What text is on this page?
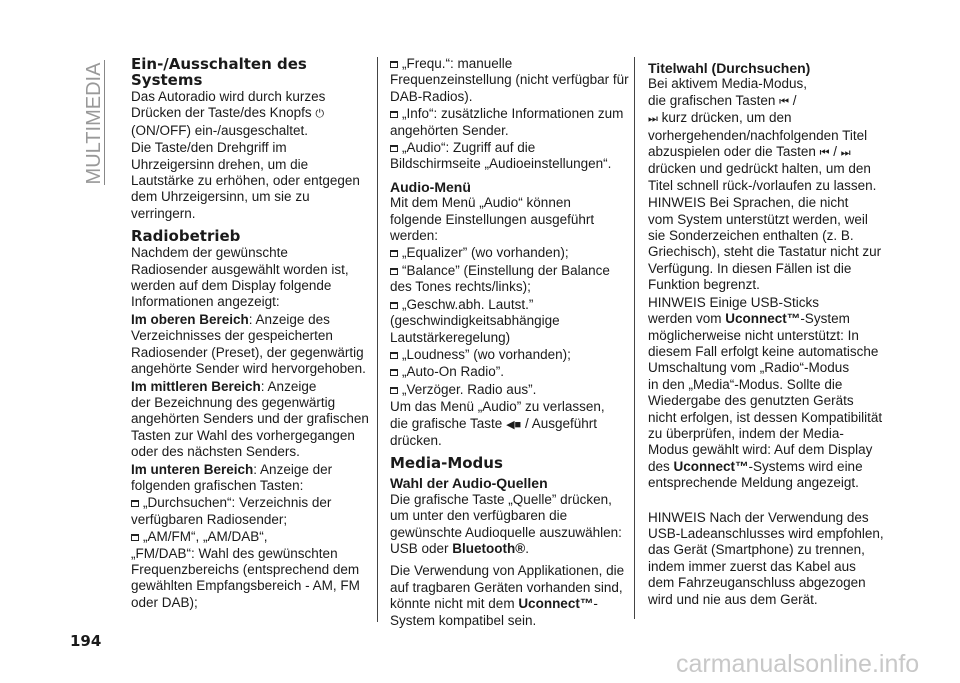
MULTIMEDIA Ein-/Ausschalten des
Systems
Das Autoradio wird durch kurzes
Drücken der Taste/des Knopfs ⏻
(ON/OFF) ein-/ausgeschaltet.
Die Taste/den Drehgriff im
Uhrzeigersinn drehen, um die
Lautstärke zu erhöhen, oder entgegen
dem Uhrzeigersinn, um sie zu
verringern.
Radiobetrieb
Nachdem der gewünschte
Radiosender ausgewählt worden ist,
werden auf dem Display folgende
Informationen angezeigt:
Im oberen Bereich: Anzeige des
Verzeichnisses der gespeicherten
Radiosender (Preset), der gegenwärtig
angehörte Sender wird hervorgehoben.
Im mittleren Bereich: Anzeige
der Bezeichnung des gegenwärtig
angehörten Senders und der grafischen
Tasten zur Wahl des vorhergegangen
oder des nächsten Senders.
Im unteren Bereich: Anzeige der
folgenden grafischen Tasten:
„Durchsuchen“: Verzeichnis der
verfügbaren Radiosender;
„AM/FM“, „AM/DAB“,
„FM/DAB“: Wahl des gewünschten
Frequenzbereichs (entsprechend dem
gewählten Empfangsbereich - AM, FM
oder DAB);
„Frequ.“: manuelle
Frequenzeinstellung (nicht verfügbar für
DAB-Radios).
„Info“: zusätzliche Informationen zum
angehörten Sender.
„Audio“: Zugriff auf die
Bildschirmseite „Audioeinstellungen“.
Audio-Menü
Mit dem Menü „Audio“ können
folgende Einstellungen ausgeführt
werden:
„Equalizer” (wo vorhanden);
“Balance” (Einstellung der Balance
des Tones rechts/links);
„Geschw.abh. Lautst.”
(geschwindigkeitsabhängige
Lautstärkeregelung)
„Loudness” (wo vorhanden);
„Auto-On Radio”.
„Verzöger. Radio aus”.
Um das Menü „Audio” zu verlassen,
die grafische Taste ◀■ / Ausgeführt
drücken.
Media-Modus
Wahl der Audio-Quellen
Die grafische Taste „Quelle” drücken,
um unter den verfügbaren die
gewünschte Audioquelle auszuwählen:
USB oder Bluetooth®.
Die Verwendung von Applikationen, die
auf tragbaren Geräten vorhanden sind,
könnte nicht mit dem Uconnect™-
System kompatibel sein.
Titelwahl (Durchsuchen)
Bei aktivem Media-Modus,
die grafischen Tasten ⏮ /
⏭ kurz drücken, um den
vorhergehenden/nachfolgenden Titel
abzuspielen oder die Tasten ⏮ / ⏭
drücken und gedrückt halten, um den
Titel schnell rück-/vorlaufen zu lassen.
HINWEIS Bei Sprachen, die nicht
vom System unterstützt werden, weil
sie Sonderzeichen enthalten (z. B.
Griechisch), steht die Tastatur nicht zur
Verfügung. In diesen Fällen ist die
Funktion begrenzt.
HINWEIS Einige USB-Sticks
werden vom Uconnect™-System
möglicherweise nicht unterstützt: In
diesem Fall erfolgt keine automatische
Umschaltung vom „Radio“-Modus
in den „Media“-Modus. Sollte die
Wiedergabe des genutzten Geräts
nicht erfolgen, ist dessen Kompatibilität
zu überprüfen, indem der Media-
Modus gewählt wird: Auf dem Display
des Uconnect™-Systems wird eine
entsprechende Meldung angezeigt.
HINWEIS Nach der Verwendung des
USB-Ladeanschlusses wird empfohlen,
das Gerät (Smartphone) zu trennen,
indem immer zuerst das Kabel aus
dem Fahrzeuganschluss abgezogen
wird und nie aus dem Gerät.
194
carmanualsonline.info
